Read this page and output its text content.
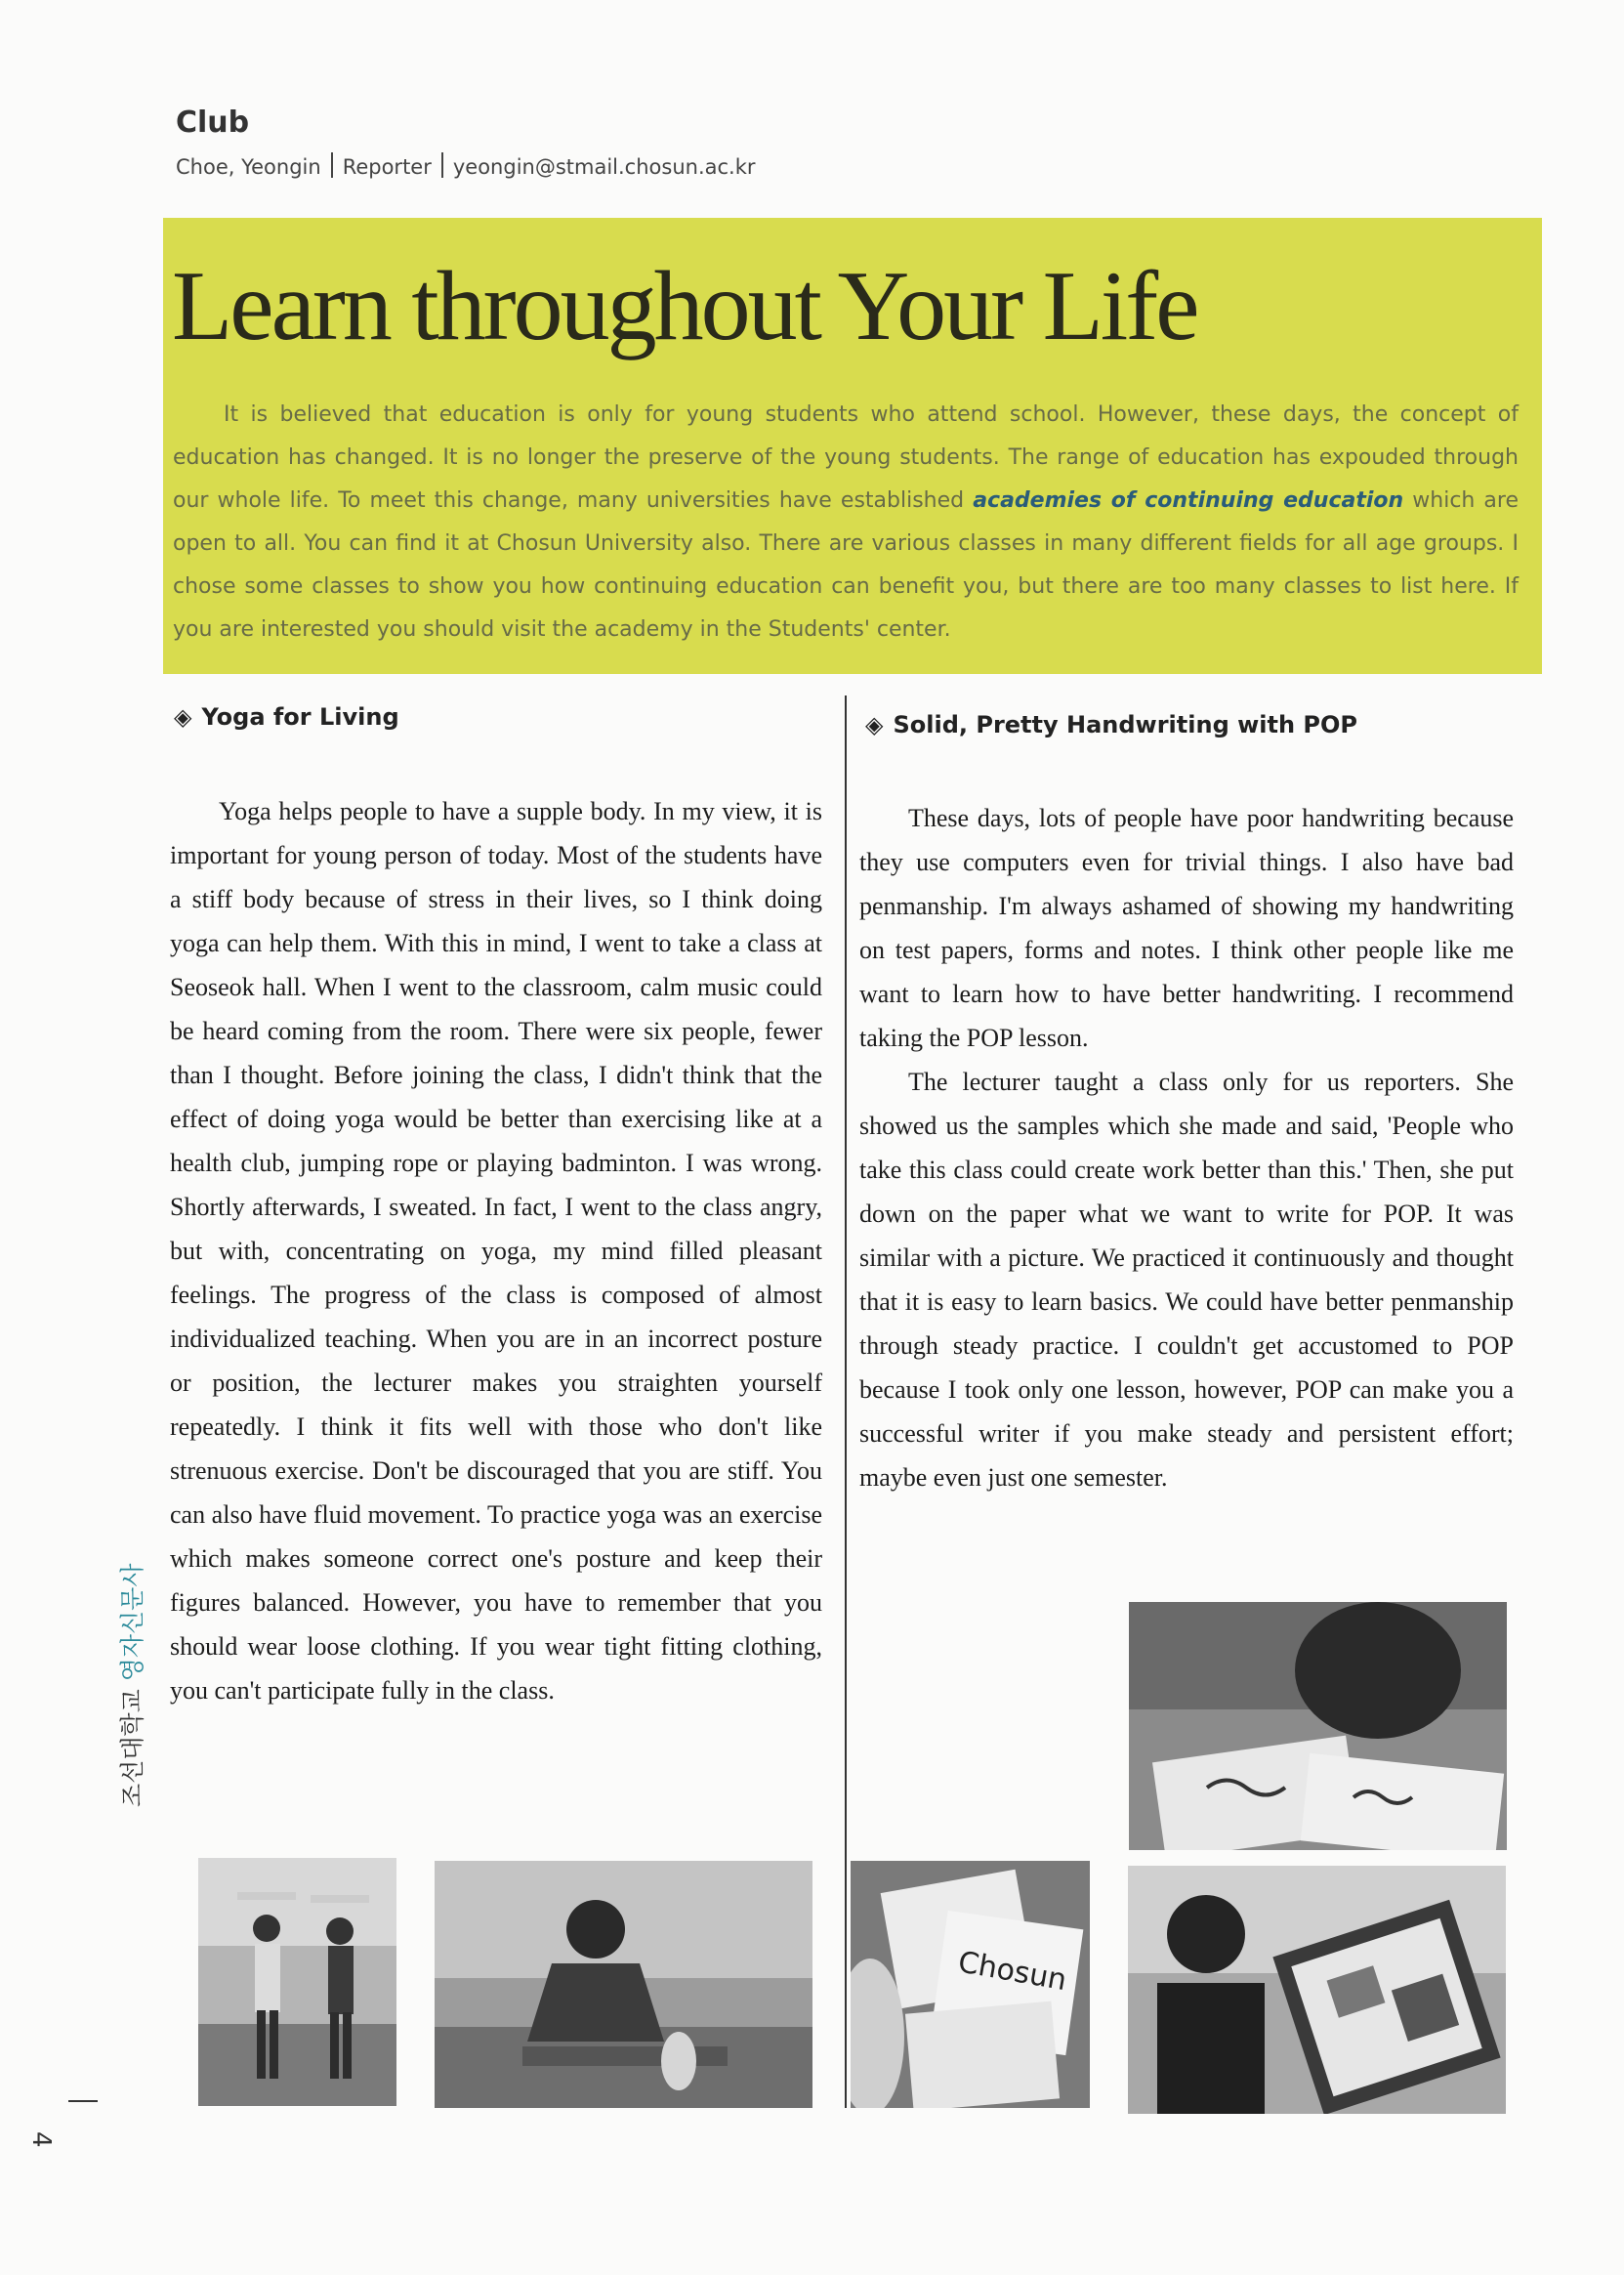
Club
Choe, Yeongin Reporter yeongin@stmail.chosun.ac.kr
Learn throughout Your Life
It is believed that education is only for young students who attend school. However, these days, the concept of education has changed. It is no longer the preserve of the young students. The range of education has expouded through our whole life. To meet this change, many universities have established academies of continuing education which are open to all. You can find it at Chosun University also. There are various classes in many different fields for all age groups. I chose some classes to show you how continuing education can benefit you, but there are too many classes to list here. If you are interested you should visit the academy in the Students' center.
◈ Yoga for Living

Yoga helps people to have a supple body. In my view, it is important for young person of today. Most of the students have a stiff body because of stress in their lives, so I think doing yoga can help them. With this in mind, I went to take a class at Seoseok hall. When I went to the classroom, calm music could be heard coming from the room. There were six people, fewer than I thought. Before joining the class, I didn't think that the effect of doing yoga would be better than exercising like at a health club, jumping rope or playing badminton. I was wrong. Shortly afterwards, I sweated. In fact, I went to the class angry, but with, concentrating on yoga, my mind filled pleasant feelings. The progress of the class is composed of almost individualized teaching. When you are in an incorrect posture or position, the lecturer makes you straighten yourself repeatedly. I think it fits well with those who don't like strenuous exercise. Don't be discouraged that you are stiff. You can also have fluid movement. To practice yoga was an exercise which makes someone correct one's posture and keep their figures balanced. However, you have to remember that you should wear loose clothing. If you wear tight fitting clothing, you can't participate fully in the class.

◈ Solid, Pretty Handwriting with POP

These days, lots of people have poor handwriting because they use computers even for trivial things. I also have bad penmanship. I'm always ashamed of showing my handwriting on test papers, forms and notes. I think other people like me want to learn how to have better handwriting. I recommend taking the POP lesson.

The lecturer taught a class only for us reporters. She showed us the samples which she made and said, 'People who take this class could create work better than this.' Then, she put down on the paper what we want to write for POP. It was similar with a picture. We practiced it continuously and thought that it is easy to learn basics. We could have better penmanship through steady practice. I couldn't get accustomed to POP because I took only one lesson, however, POP can make you a successful writer if you make steady and persistent effort; maybe even just one semester.

Chosun
4
조선대학교 영자신문사
